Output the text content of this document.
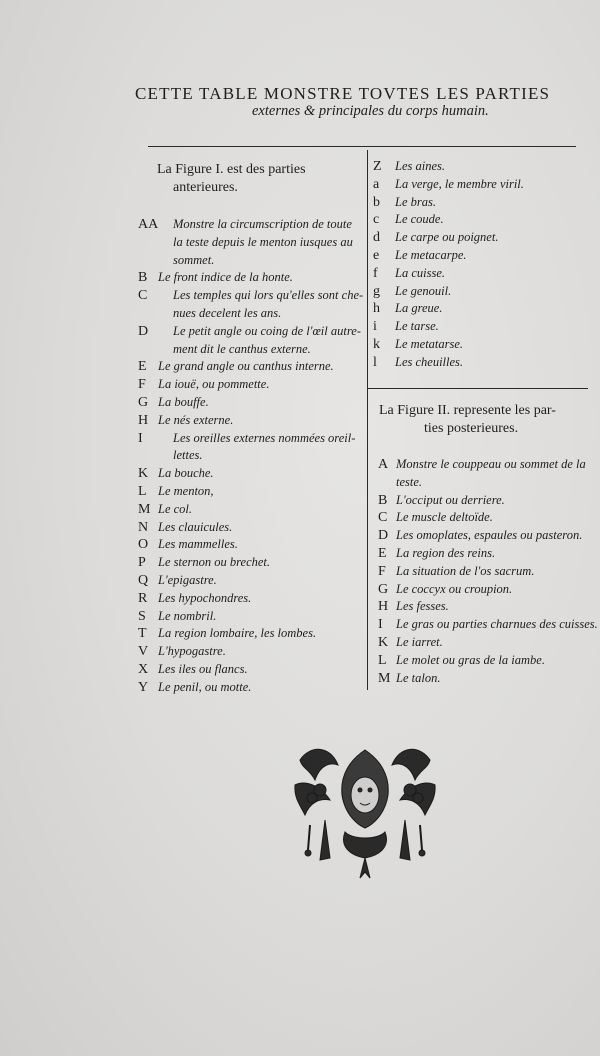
CETTE TABLE MONSTRE TOVTES LES PARTIES
externes & principales du corps humain.
La Figure I. est des parties
anterieures.
AA	Monstre la circumscription de toute
la teste depuis le menton iusques au
sommet.
B Le front indice de la honte.
C	Les temples qui lors qu'elles sont che-
nues decelent les ans.
D	Le petit angle ou coing de l'œil autre-
ment dit le canthus externe.
E Le grand angle ou canthus interne.
F La iouë, ou pommette.
G La bouffe.
H Le nés externe.
I	Les oreilles externes nommées oreil-
lettes.
K La bouche.
L Le menton,
M Le col.
N Les clauicules.
O Les mammelles.
P Le sternon ou brechet.
Q L'epigastre.
R Les hypochondres.
S Le nombril.
T La region lombaire, les lombes.
V L'hypogastre.
X Les iles ou flancs.
Y Le penil, ou motte.
Z	Les aines.
a	La verge, le membre viril.
b	Le bras.
c	Le coude.
d	Le carpe ou poignet.
e	Le metacarpe.
f	La cuisse.
g	Le genouil.
h	La greue.
i	Le tarse.
k	Le metatarse.
l	Les cheuilles.
La Figure II. represente les par-
ties posterieures.
A Monstre le couppeau ou sommet de la
teste.
B L'occiput ou derriere.
C Le muscle deltoïde.
D Les omoplates, espaules ou pasteron.
E La region des reins.
F La situation de l'os sacrum.
G Le coccyx ou croupion.
H Les fesses.
I	Le gras ou parties charnues des cuisses.
K Le iarret.
L Le molet ou gras de la iambe.
M Le talon.
